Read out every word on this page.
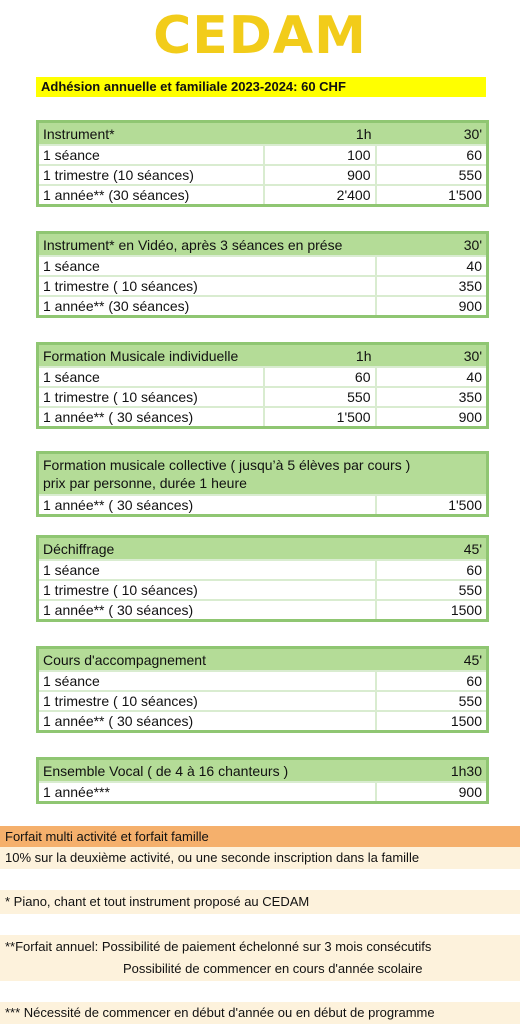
CEDAM
Adhésion annuelle et familiale 2023-2024: 60 CHF
Instrument*	1h	30'
1 séance	100	60
1 trimestre (10 séances)	900	550
1 année** (30 séances)	2'400	1'500
Instrument* en Vidéo, après 3 séances en prése	30'
1 séance	40
1 trimestre ( 10 séances)	350
1 année** (30 séances)	900
Formation Musicale individuelle	1h	30'
1 séance	60	40
1 trimestre ( 10 séances)	550	350
1 année** ( 30 séances)	1'500	900
Formation musicale collective ( jusqu’à 5 élèves par cours )
prix par personne, durée 1 heure

1 année** ( 30 séances)	1'500
Déchiffrage	45'
1 séance	60
1 trimestre ( 10 séances)	550
1 année** ( 30 séances)	1500
Cours d'accompagnement	45'
1 séance	60
1 trimestre ( 10 séances)	550
1 année** ( 30 séances)	1500
Ensemble Vocal ( de 4 à 16 chanteurs )	1h30
1 année***	900
Forfait multi activité et forfait famille
10% sur la deuxième activité, ou une seconde inscription dans la famille
* Piano, chant et tout instrument proposé au CEDAM
**Forfait annuel: Possibilité de paiement échelonné sur 3 mois consécutifs
Possibilité de commencer en cours d'année scolaire
*** Nécessité de commencer en début d'année ou en début de programme
